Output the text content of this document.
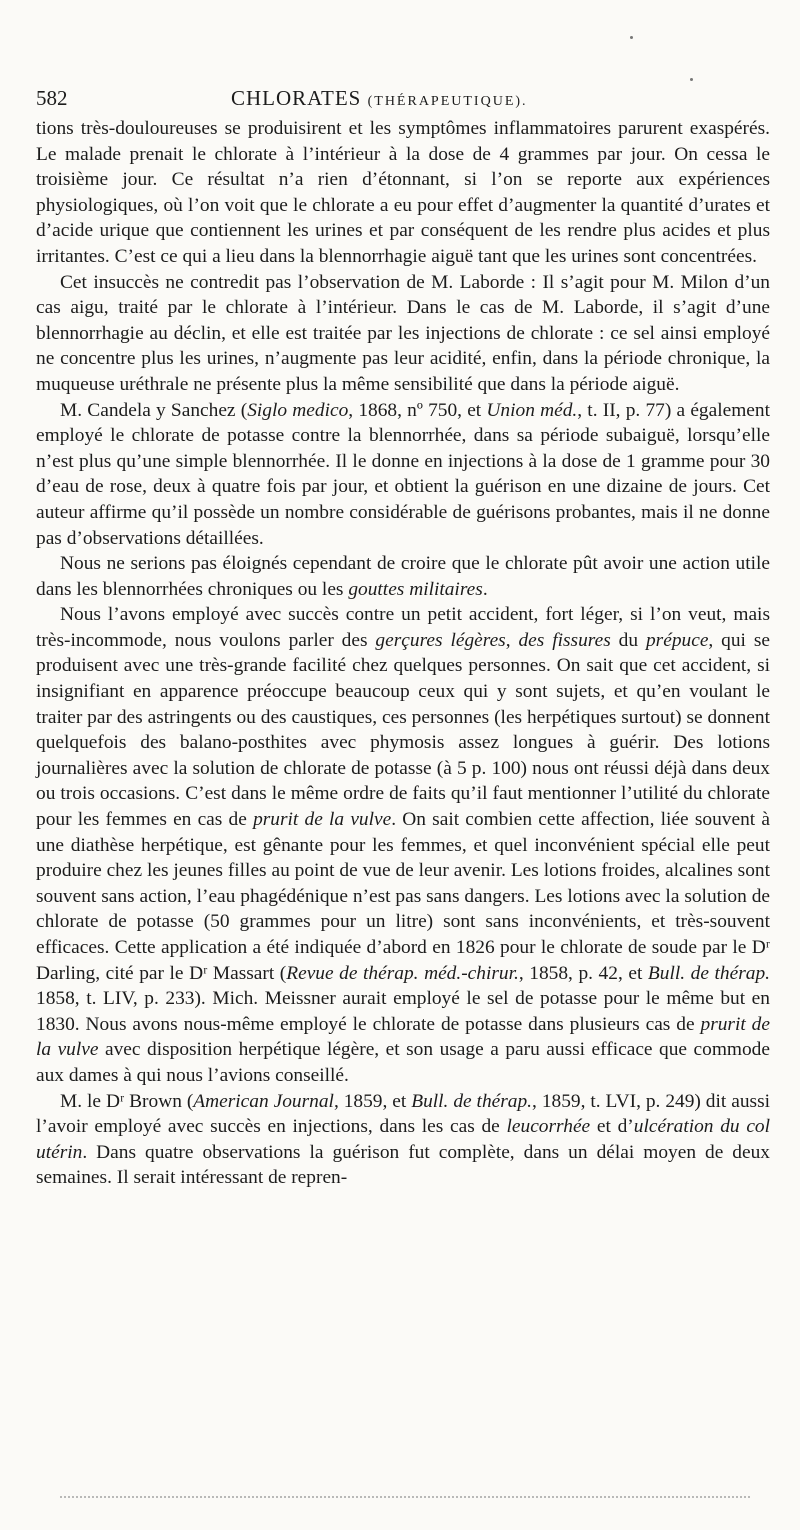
582	CHLORATES (THÉRAPEUTIQUE).

tions très-douloureuses se produisirent et les symptômes inflammatoires parurent exaspérés. Le malade prenait le chlorate à l’intérieur à la dose de 4 grammes par jour. On cessa le troisième jour. Ce résultat n’a rien d’étonnant, si l’on se reporte aux expériences physiologiques, où l’on voit que le chlorate a eu pour effet d’augmenter la quantité d’urates et d’acide urique que contiennent les urines et par conséquent de les rendre plus acides et plus irritantes. C’est ce qui a lieu dans la blennorrhagie aiguë tant que les urines sont concentrées.

Cet insuccès ne contredit pas l’observation de M. Laborde : Il s’agit pour M. Milon d’un cas aigu, traité par le chlorate à l’intérieur. Dans le cas de M. Laborde, il s’agit d’une blennorrhagie au déclin, et elle est traitée par les injections de chlorate : ce sel ainsi employé ne concentre plus les urines, n’augmente pas leur acidité, enfin, dans la période chronique, la muqueuse uréthrale ne présente plus la même sensibilité que dans la période aiguë.

M. Candela y Sanchez (Siglo medico, 1868, nº 750, et Union méd., t. II, p. 77) a également employé le chlorate de potasse contre la blennorrhée, dans sa période subaiguë, lorsqu’elle n’est plus qu’une simple blennorrhée. Il le donne en injections à la dose de 1 gramme pour 30 d’eau de rose, deux à quatre fois par jour, et obtient la guérison en une dizaine de jours. Cet auteur affirme qu’il possède un nombre considérable de guérisons probantes, mais il ne donne pas d’observations détaillées.

Nous ne serions pas éloignés cependant de croire que le chlorate pût avoir une action utile dans les blennorrhées chroniques ou les gouttes militaires.

Nous l’avons employé avec succès contre un petit accident, fort léger, si l’on veut, mais très-incommode, nous voulons parler des gerçures légères, des fissures du prépuce, qui se produisent avec une très-grande facilité chez quelques personnes. On sait que cet accident, si insignifiant en apparence préoccupe beaucoup ceux qui y sont sujets, et qu’en voulant le traiter par des astringents ou des caustiques, ces personnes (les herpétiques surtout) se donnent quelquefois des balano-posthites avec phymosis assez longues à guérir. Des lotions journalières avec la solution de chlorate de potasse (à 5 p. 100) nous ont réussi déjà dans deux ou trois occasions. C’est dans le même ordre de faits qu’il faut mentionner l’utilité du chlorate pour les femmes en cas de prurit de la vulve. On sait combien cette affection, liée souvent à une diathèse herpétique, est gênante pour les femmes, et quel inconvénient spécial elle peut produire chez les jeunes filles au point de vue de leur avenir. Les lotions froides, alcalines sont souvent sans action, l’eau phagédénique n’est pas sans dangers. Les lotions avec la solution de chlorate de potasse (50 grammes pour un litre) sont sans inconvénients, et très-souvent efficaces. Cette application a été indiquée d’abord en 1826 pour le chlorate de soude par le Dʳ Darling, cité par le Dʳ Massart (Revue de thérap. méd.-chirur., 1858, p. 42, et Bull. de thérap. 1858, t. LIV, p. 233). Mich. Meissner aurait employé le sel de potasse pour le même but en 1830. Nous avons nous-même employé le chlorate de potasse dans plusieurs cas de prurit de la vulve avec disposition herpétique légère, et son usage a paru aussi efficace que commode aux dames à qui nous l’avions conseillé.

M. le Dʳ Brown (American Journal, 1859, et Bull. de thérap., 1859, t. LVI, p. 249) dit aussi l’avoir employé avec succès en injections, dans les cas de leucorrhée et d’ulcération du col utérin. Dans quatre observations la guérison fut complète, dans un délai moyen de deux semaines. Il serait intéressant de repren-
